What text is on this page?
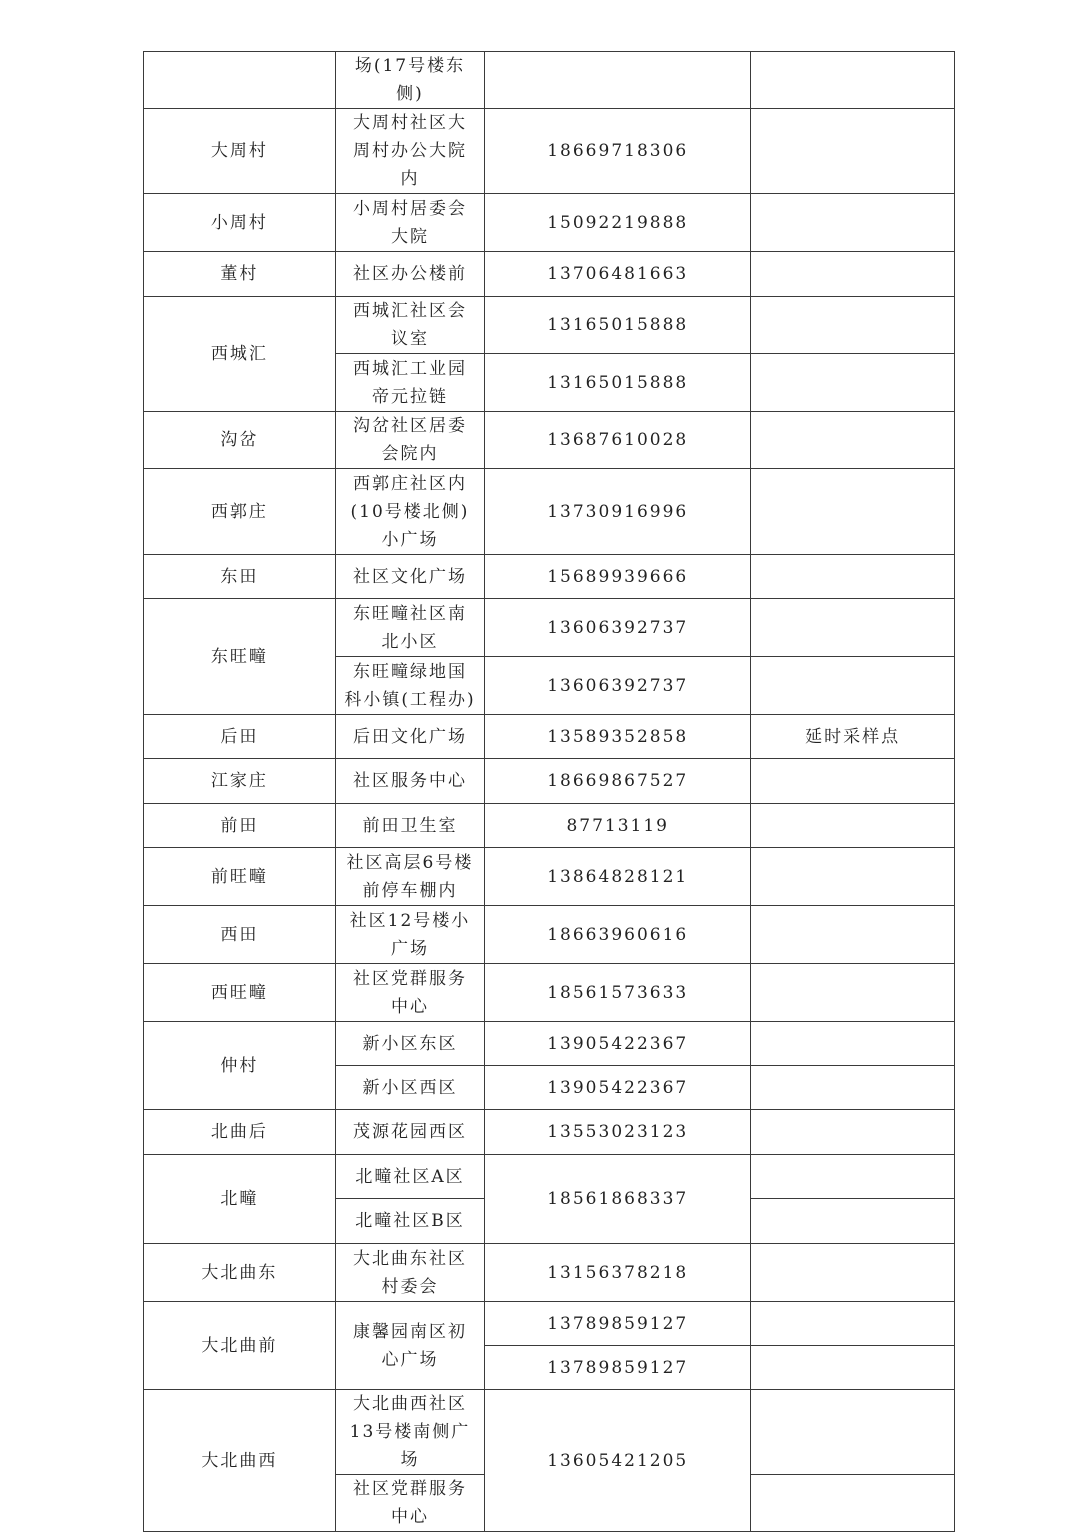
	场(17号楼东侧)		
大周村	大周村社区大周村办公大院内	18669718306	
小周村	小周村居委会大院	15092219888	
董村	社区办公楼前	13706481663	
西城汇	西城汇社区会议室	13165015888	
	西城汇工业园帝元拉链	13165015888	
沟岔	沟岔社区居委会院内	13687610028	
西郭庄	西郭庄社区内(10号楼北侧)小广场	13730916996	
东田	社区文化广场	15689939666	
东旺疃	东旺疃社区南北小区	13606392737	
	东旺疃绿地国科小镇(工程办)	13606392737	
后田	后田文化广场	13589352858	延时采样点
江家庄	社区服务中心	18669867527	
前田	前田卫生室	87713119	
前旺疃	社区高层6号楼前停车棚内	13864828121	
西田	社区12号楼小广场	18663960616	
西旺疃	社区党群服务中心	18561573633	
仲村	新小区东区	13905422367	
	新小区西区	13905422367	
北曲后	茂源花园西区	13553023123	
北疃	北疃社区A区	18561868337	
	北疃社区B区		
大北曲东	大北曲东社区村委会	13156378218	
大北曲前	康馨园南区初心广场	13789859127	
		13789859127	
大北曲西	大北曲西社区13号楼南侧广场	13605421205	
	社区党群服务中心		
